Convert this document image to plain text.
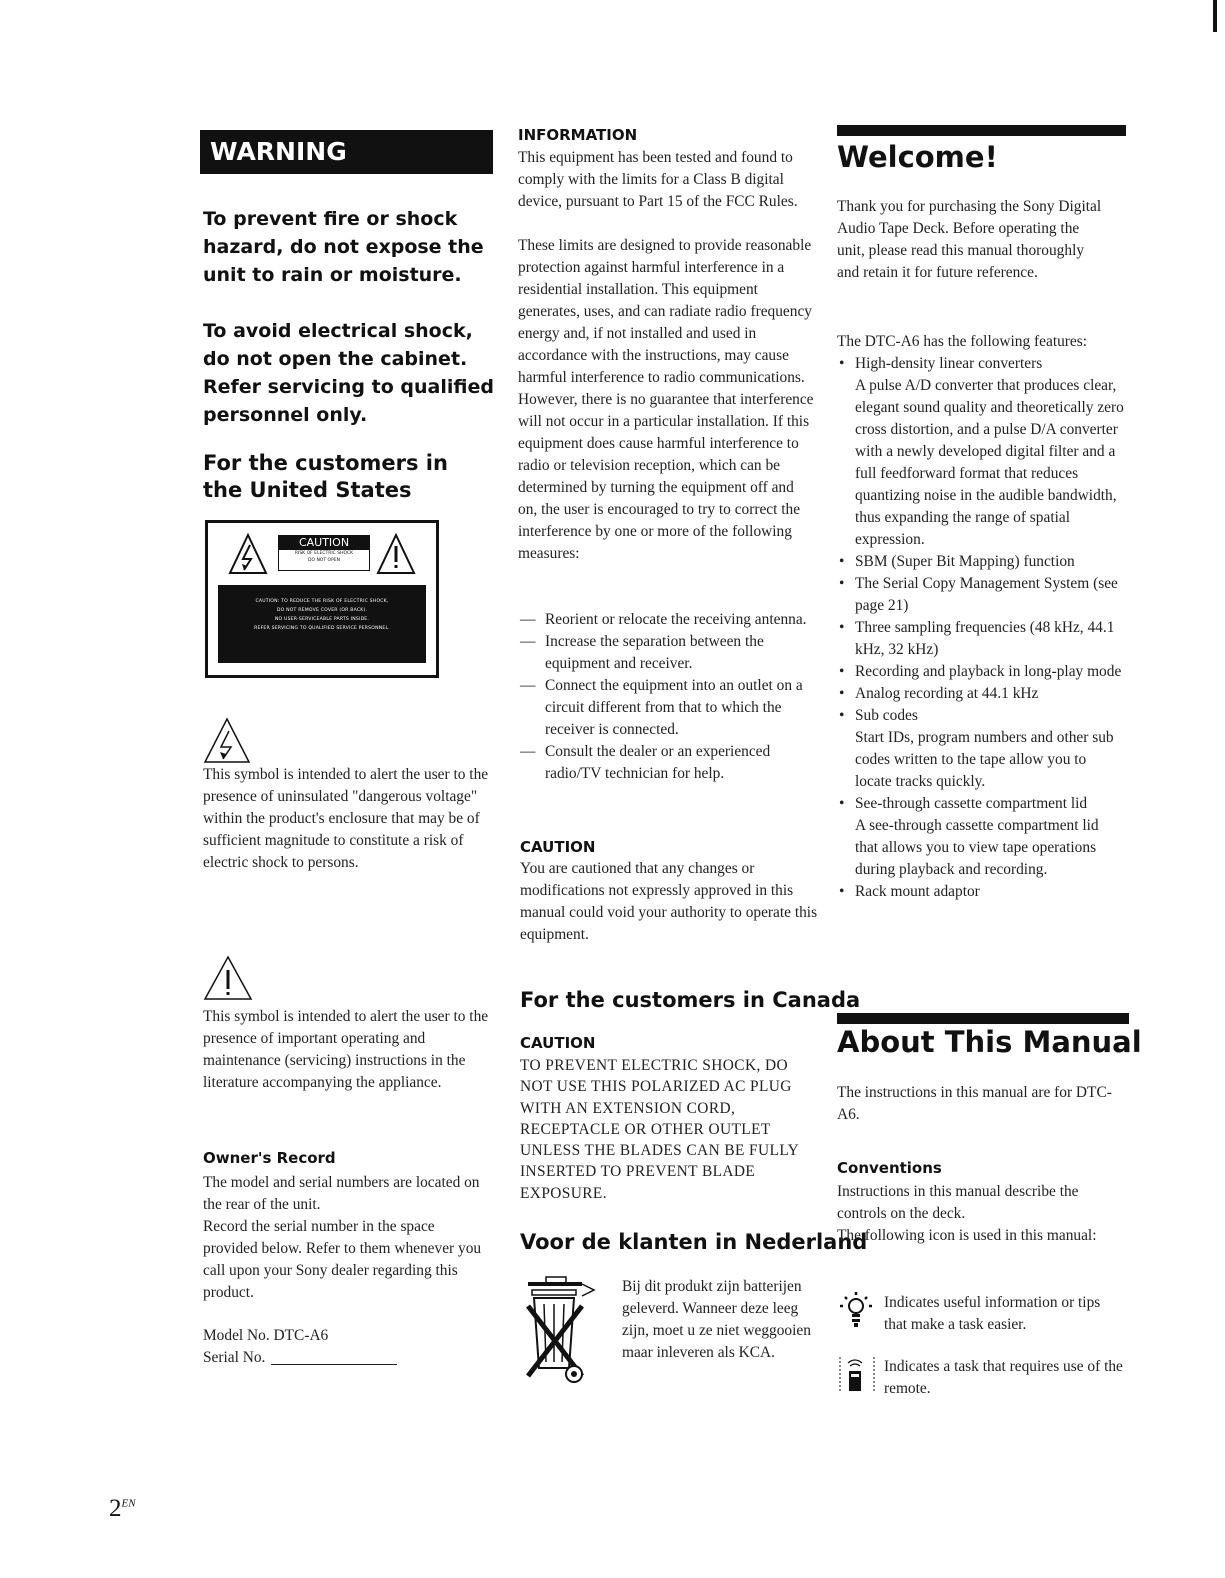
WARNING

To prevent fire or shock hazard, do not expose the unit to rain or moisture.

To avoid electrical shock, do not open the cabinet. Refer servicing to qualified personnel only.

For the customers in the United States

CAUTION
RISK OF ELECTRIC SHOCK
DO NOT OPEN
CAUTION: TO REDUCE THE RISK OF ELECTRIC SHOCK,
DO NOT REMOVE COVER (OR BACK).
NO USER-SERVICEABLE PARTS INSIDE.
REFER SERVICING TO QUALIFIED SERVICE PERSONNEL.

This symbol is intended to alert the user to the presence of uninsulated "dangerous voltage" within the product's enclosure that may be of sufficient magnitude to constitute a risk of electric shock to persons.

This symbol is intended to alert the user to the presence of important operating and maintenance (servicing) instructions in the literature accompanying the appliance.

Owner's Record

The model and serial numbers are located on the rear of the unit.

Record the serial number in the space provided below. Refer to them whenever you call upon your Sony dealer regarding this product.

Model No. DTC-A6

Serial No.

$2^{EN}$

INFORMATION

This equipment has been tested and found to comply with the limits for a Class B digital device, pursuant to Part 15 of the FCC Rules.

These limits are designed to provide reasonable protection against harmful interference in a residential installation. This equipment generates, uses, and can radiate radio frequency energy and, if not installed and used in accordance with the instructions, may cause harmful interference to radio communications. However, there is no guarantee that interference will not occur in a particular installation. If this equipment does cause harmful interference to radio or television reception, which can be determined by turning the equipment off and on, the user is encouraged to try to correct the interference by one or more of the following measures:

— Reorient or relocate the receiving antenna.
— Increase the separation between the equipment and receiver.
— Connect the equipment into an outlet on a circuit different from that to which the receiver is connected.
— Consult the dealer or an experienced radio/TV technician for help.

CAUTION

You are cautioned that any changes or modifications not expressly approved in this manual could void your authority to operate this equipment.

For the customers in Canada

CAUTION

TO PREVENT ELECTRIC SHOCK, DO NOT USE THIS POLARIZED AC PLUG WITH AN EXTENSION CORD, RECEPTACLE OR OTHER OUTLET UNLESS THE BLADES CAN BE FULLY INSERTED TO PREVENT BLADE EXPOSURE.

Voor de klanten in Nederland

Bij dit produkt zijn batterijen geleverd. Wanneer deze leeg zijn, moet u ze niet weggooien maar inleveren als KCA.

Welcome!

Thank you for purchasing the Sony Digital Audio Tape Deck. Before operating the unit, please read this manual thoroughly and retain it for future reference.

The DTC-A6 has the following features:

• High-density linear converters
A pulse A/D converter that produces clear, elegant sound quality and theoretically zero cross distortion, and a pulse D/A converter with a newly developed digital filter and a full feedforward format that reduces quantizing noise in the audible bandwidth, thus expanding the range of spatial expression.
• SBM (Super Bit Mapping) function
• The Serial Copy Management System (see page 21)
• Three sampling frequencies (48 kHz, 44.1 kHz, 32 kHz)
• Recording and playback in long-play mode
• Analog recording at 44.1 kHz
• Sub codes
Start IDs, program numbers and other sub codes written to the tape allow you to locate tracks quickly.
• See-through cassette compartment lid
A see-through cassette compartment lid that allows you to view tape operations during playback and recording.
• Rack mount adaptor

About This Manual

The instructions in this manual are for DTC-A6.

Conventions

Instructions in this manual describe the controls on the deck.

The following icon is used in this manual:

Indicates useful information or tips that make a task easier.

Indicates a task that requires use of the remote.
